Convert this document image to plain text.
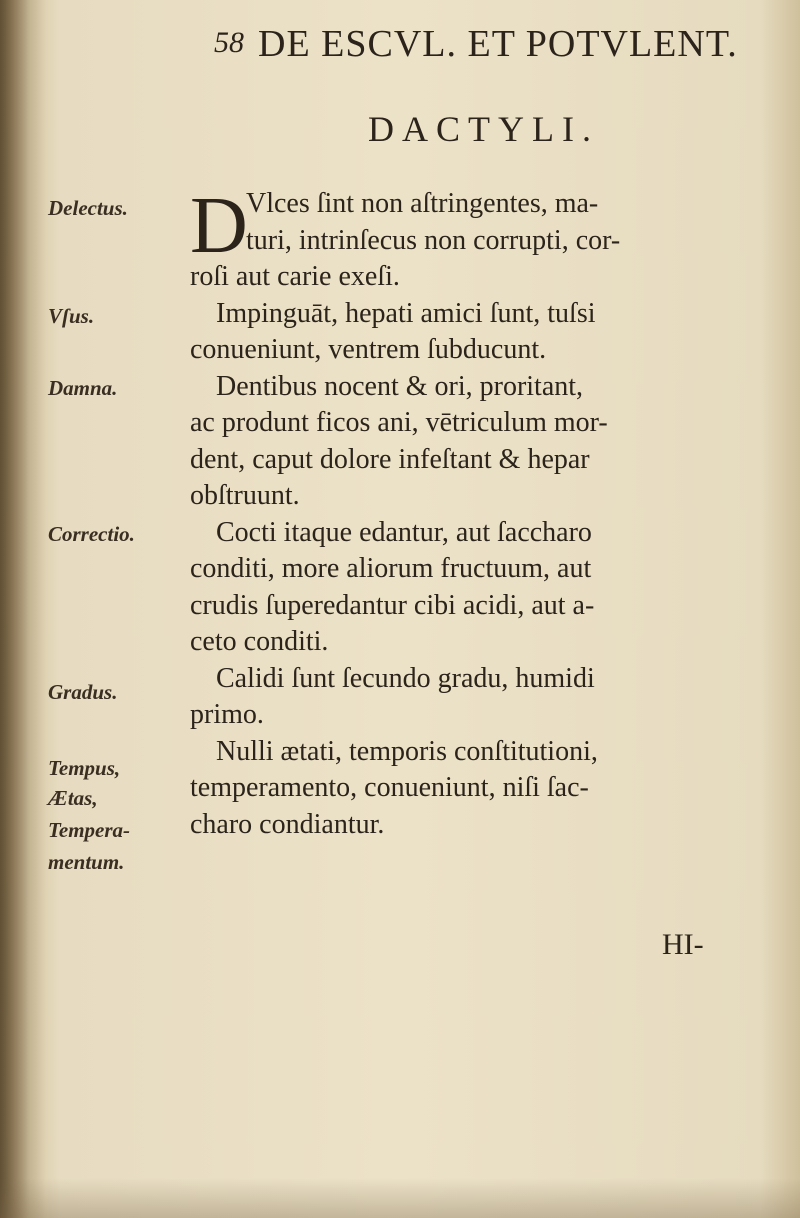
58 DE ESCVL. ET POTVLENT.
DACTYLI.
Delectus.
Vſus.
Damna.
Correctio.
Gradus.
Tempus,
Ætas,
Tempera-
mentum.
D
Vlces ſint non aſtringentes, ma-
turi, intrinſecus non corrupti, cor-
roſi aut carie exeſi.
Impinguāt, hepati amici ſunt, tuſsi
conueniunt, ventrem ſubducunt.
Dentibus nocent & ori, proritant,
ac produnt ficos ani, vētriculum mor-
dent, caput dolore infeſtant & hepar
obſtruunt.
Cocti itaque edantur, aut ſaccharo
conditi, more aliorum fructuum, aut
crudis ſuperedantur cibi acidi, aut a-
ceto conditi.
Calidi ſunt ſecundo gradu, humidi
primo.
Nulli ætati, temporis conſtitutioni,
temperamento, conueniunt, niſi ſac-
charo condiantur.
HI-
